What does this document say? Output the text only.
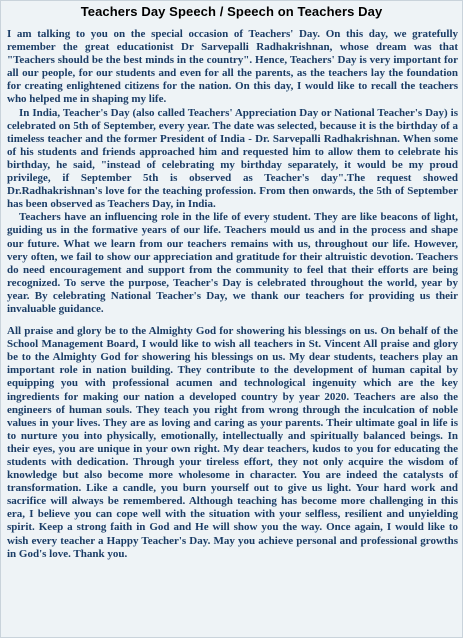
Teachers Day Speech / Speech on Teachers Day

I am talking to you on the special occasion of Teachers' Day. On this day, we gratefully remember the great educationist Dr Sarvepalli Radhakrishnan, whose dream was that "Teachers should be the best minds in the country". Hence, Teachers' Day is very important for all our people, for our students and even for all the parents, as the teachers lay the foundation for creating enlightened citizens for the nation. On this day, I would like to recall the teachers who helped me in shaping my life.

In India, Teacher's Day (also called Teachers' Appreciation Day or National Teacher's Day) is celebrated on 5th of September, every year. The date was selected, because it is the birthday of a timeless teacher and the former President of India - Dr. Sarvepalli Radhakrishnan. When some of his students and friends approached him and requested him to allow them to celebrate his birthday, he said, "instead of celebrating my birthday separately, it would be my proud privilege, if September 5th is observed as Teacher's day".The request showed Dr.Radhakrishnan's love for the teaching profession. From then onwards, the 5th of September has been observed as Teachers Day, in India.

Teachers have an influencing role in the life of every student. They are like beacons of light, guiding us in the formative years of our life. Teachers mould us and in the process and shape our future. What we learn from our teachers remains with us, throughout our life. However, very often, we fail to show our appreciation and gratitude for their altruistic devotion. Teachers do need encouragement and support from the community to feel that their efforts are being recognized. To serve the purpose, Teacher's Day is celebrated throughout the world, year by year. By celebrating National Teacher's Day, we thank our teachers for providing us their invaluable guidance.

All praise and glory be to the Almighty God for showering his blessings on us. On behalf of the School Management Board, I would like to wish all teachers in St. Vincent All praise and glory be to the Almighty God for showering his blessings on us. My dear students, teachers play an important role in nation building. They contribute to the development of human capital by equipping you with professional acumen and technological ingenuity which are the key ingredients for making our nation a developed country by year 2020. Teachers are also the engineers of human souls. They teach you right from wrong through the inculcation of noble values in your lives. They are as loving and caring as your parents. Their ultimate goal in life is to nurture you into physically, emotionally, intellectually and spiritually balanced beings. In their eyes, you are unique in your own right. My dear teachers, kudos to you for educating the students with dedication. Through your tireless effort, they not only acquire the wisdom of knowledge but also become more wholesome in character. You are indeed the catalysts of transformation. Like a candle, you burn yourself out to give us light. Your hard work and sacrifice will always be remembered. Although teaching has become more challenging in this era, I believe you can cope well with the situation with your selfless, resilient and unyielding spirit. Keep a strong faith in God and He will show you the way. Once again, I would like to wish every teacher a Happy Teacher's Day. May you achieve personal and professional growths in God's love. Thank you.
